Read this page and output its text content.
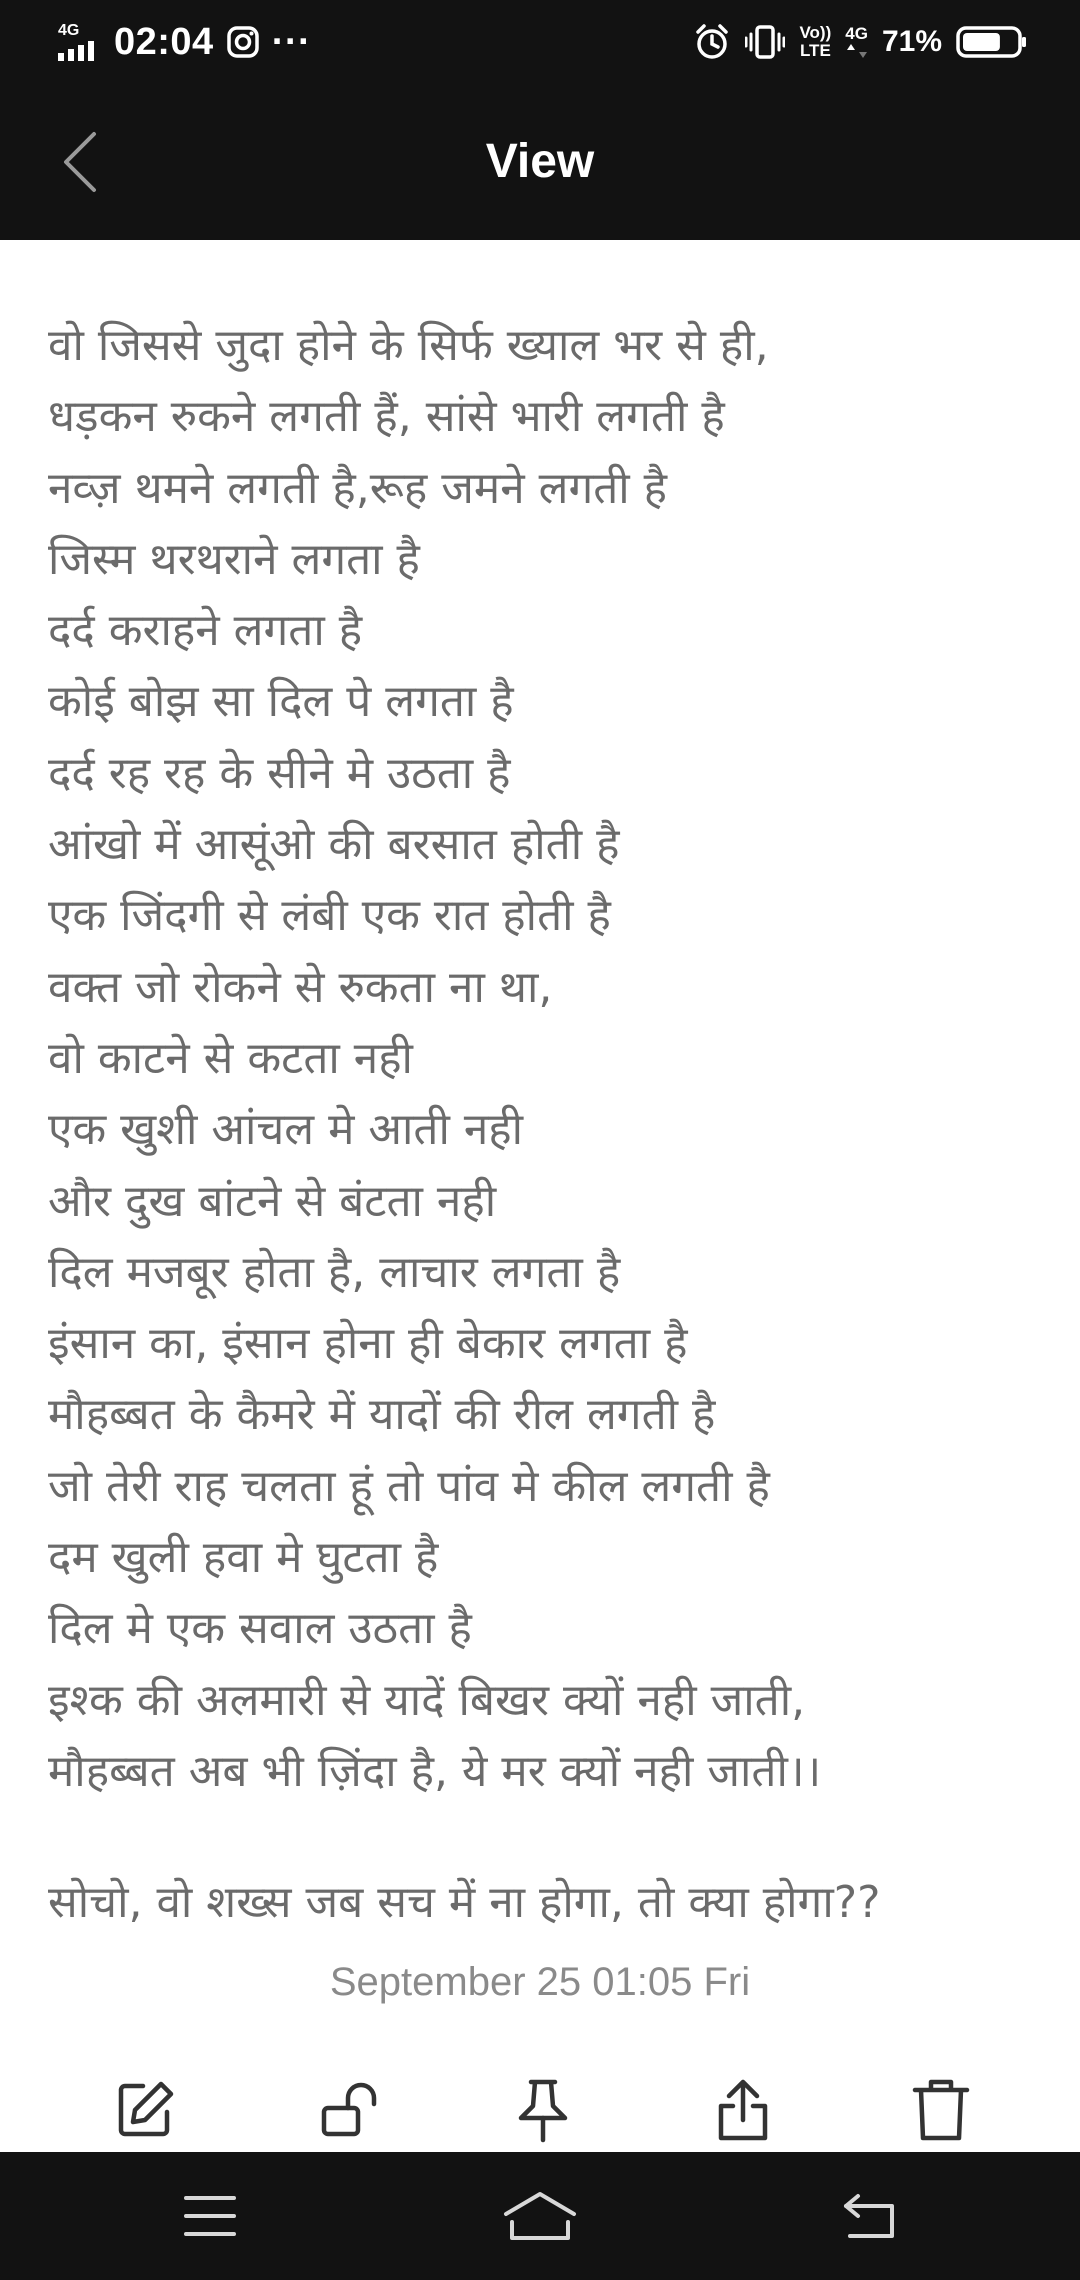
4G 02:04 ···	Vo))
LTE
4G 71%
View
वो जिससे जुदा होने के सिर्फ ख्याल भर से ही,
धड़कन रुकने लगती हैं, सांसे भारी लगती है
नव्ज़ थमने लगती है,रूह जमने लगती है
जिस्म थरथराने लगता है
दर्द कराहने लगता है
कोई बोझ सा दिल पे लगता है
दर्द रह रह के सीने मे उठता है
आंखो में आसूंओ की बरसात होती है
एक जिंदगी से लंबी एक रात होती है
वक्त जो रोकने से रुकता ना था,
वो काटने से कटता नही
एक खुशी आंचल मे आती नही
और दुख बांटने से बंटता नही
दिल मजबूर होता है, लाचार लगता है
इंसान का, इंसान होना ही बेकार लगता है
मौहब्बत के कैमरे में यादों की रील लगती है
जो तेरी राह चलता हूं तो पांव मे कील लगती है
दम खुली हवा मे घुटता है
दिल मे एक सवाल उठता है
इश्क की अलमारी से यादें बिखर क्यों नही जाती,
मौहब्बत अब भी ज़िंदा है, ये मर क्यों नही जाती।।
सोचो, वो शख्स जब सच में ना होगा, तो क्या होगा??
September 25 01:05 Fri
